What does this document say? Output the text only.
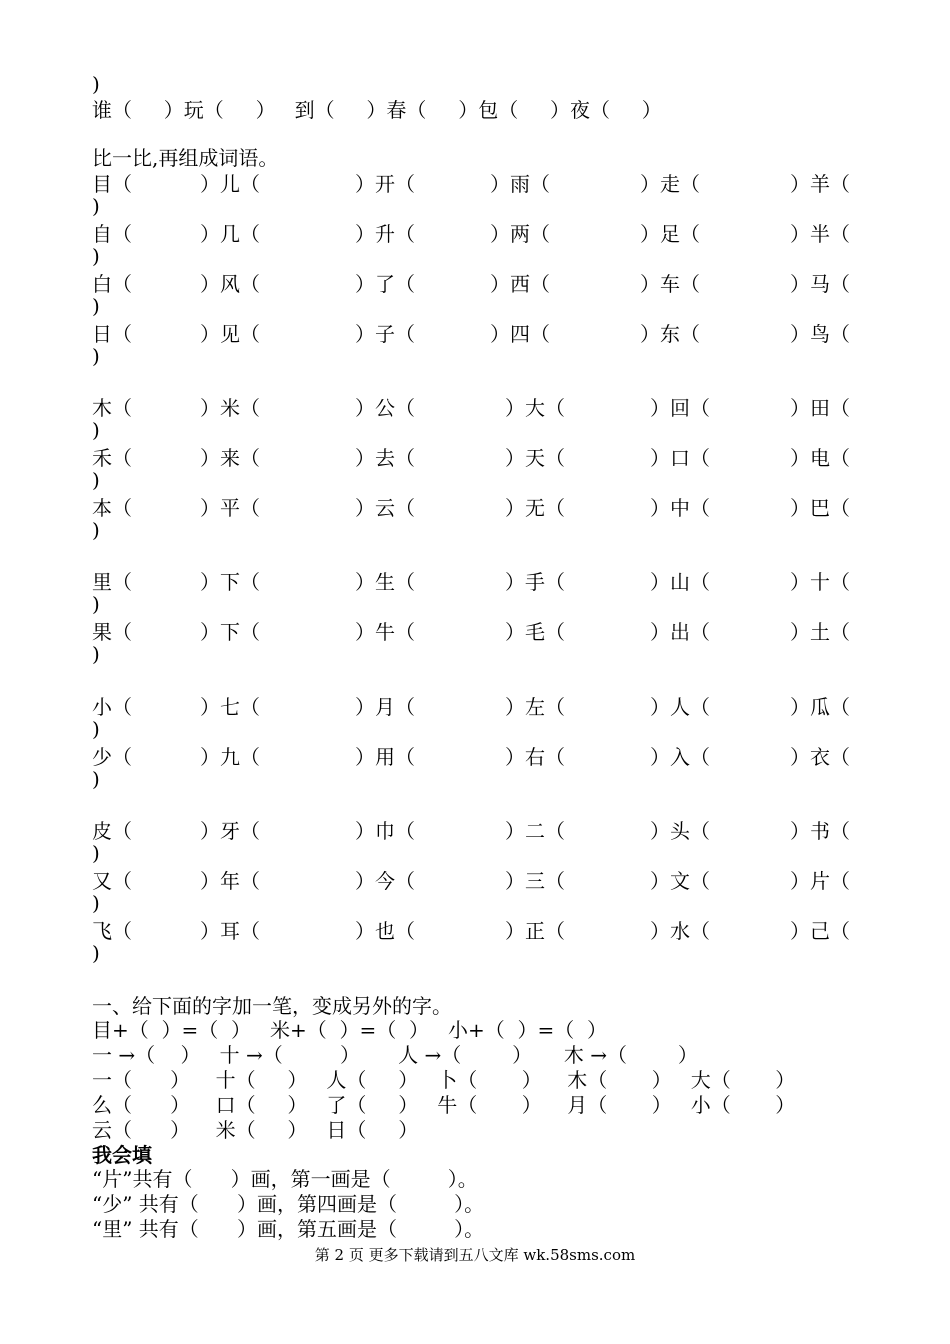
)
谁（     ）玩（     ）   到（     ）春（     ）包（     ）夜（     ）
比一比,再组成词语。
目（	）儿（	）开（	）雨（	）走（	）羊（
)
自（	）几（	）升（	）两（	）足（	）半（
)
白（	）风（	）了（	）西（	）车（	）马（
)
日（	）见（	）子（	）四（	）东（	）鸟（
)
木（	）米（	）公（	）大（	）回（	）田（
)
禾（	）来（	）去（	）天（	）口（	）电（
)
本（	）平（	）云（	）无（	）中（	）巴（
)
里（	）下（	）生（	）手（	）山（	）十（
)
果（	）下（	）牛（	）毛（	）出（	）土（
)
小（	）七（	）月（	）左（	）人（	）瓜（
)
少（	）九（	）用（	）右（	）入（	）衣（
)
皮（	）牙（	）巾（	）二（	）头（	）书（
)
又（	）年（	）今（	）三（	）文（	）片（
)
飞（	）耳（	）也（	）正（	）水（	）己（
)
一、给下面的字加一笔，变成另外的字。
目+（  ）=（  ）   米+（  ）=（  ）   小+（  ）=（  ）
一 →（    ）   十 →（         ）      人 →（        ）     木 →（        ）
一（      ）    十（     ）   人（     ）   卜（       ）    木（       ）   大（       ）
么（      ）    口（     ）   了（     ）   牛（       ）    月（       ）   小（       ）
云（      ）    米（     ）   日（     ）
我会填
“片”共有（      ）画，第一画是（         ）。
“少” 共有（      ）画，第四画是（         ）。
“里” 共有（      ）画，第五画是（         ）。
第 2 页 更多下载请到五八文库 wk.58sms.com
